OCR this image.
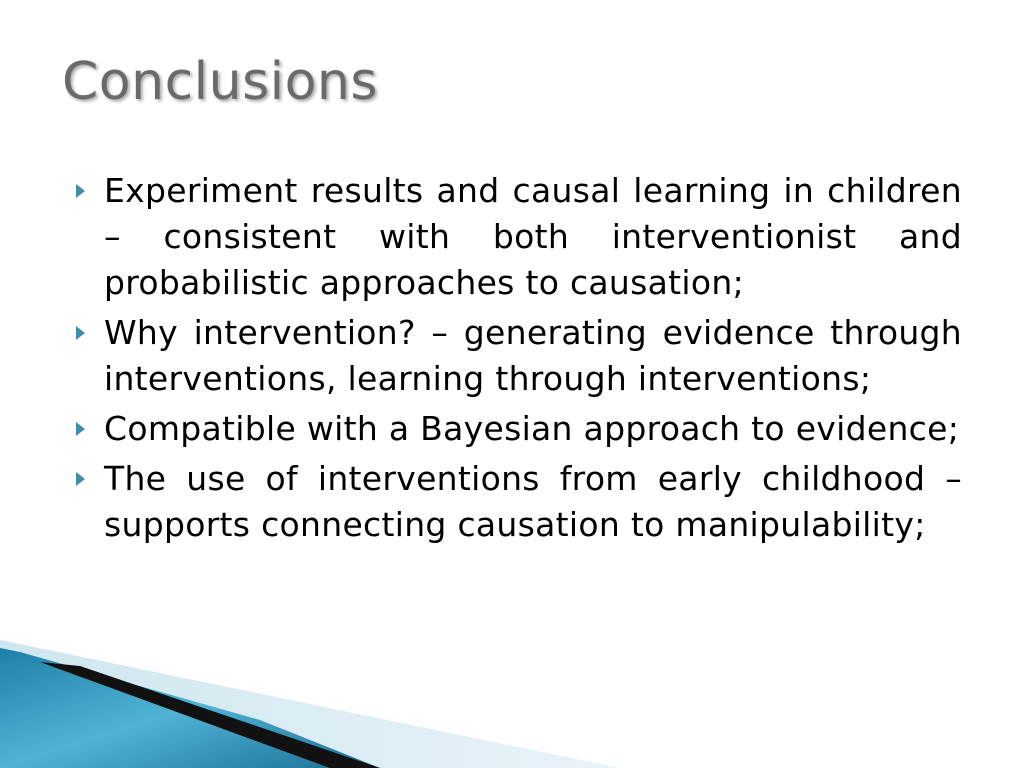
Conclusions
Experiment results and causal learning in children – consistent with both interventionist and probabilistic approaches to causation;
Why intervention? – generating evidence through interventions, learning through interventions;
Compatible with a Bayesian approach to evidence;
The use of interventions from early childhood – supports connecting causation to manipulability;
